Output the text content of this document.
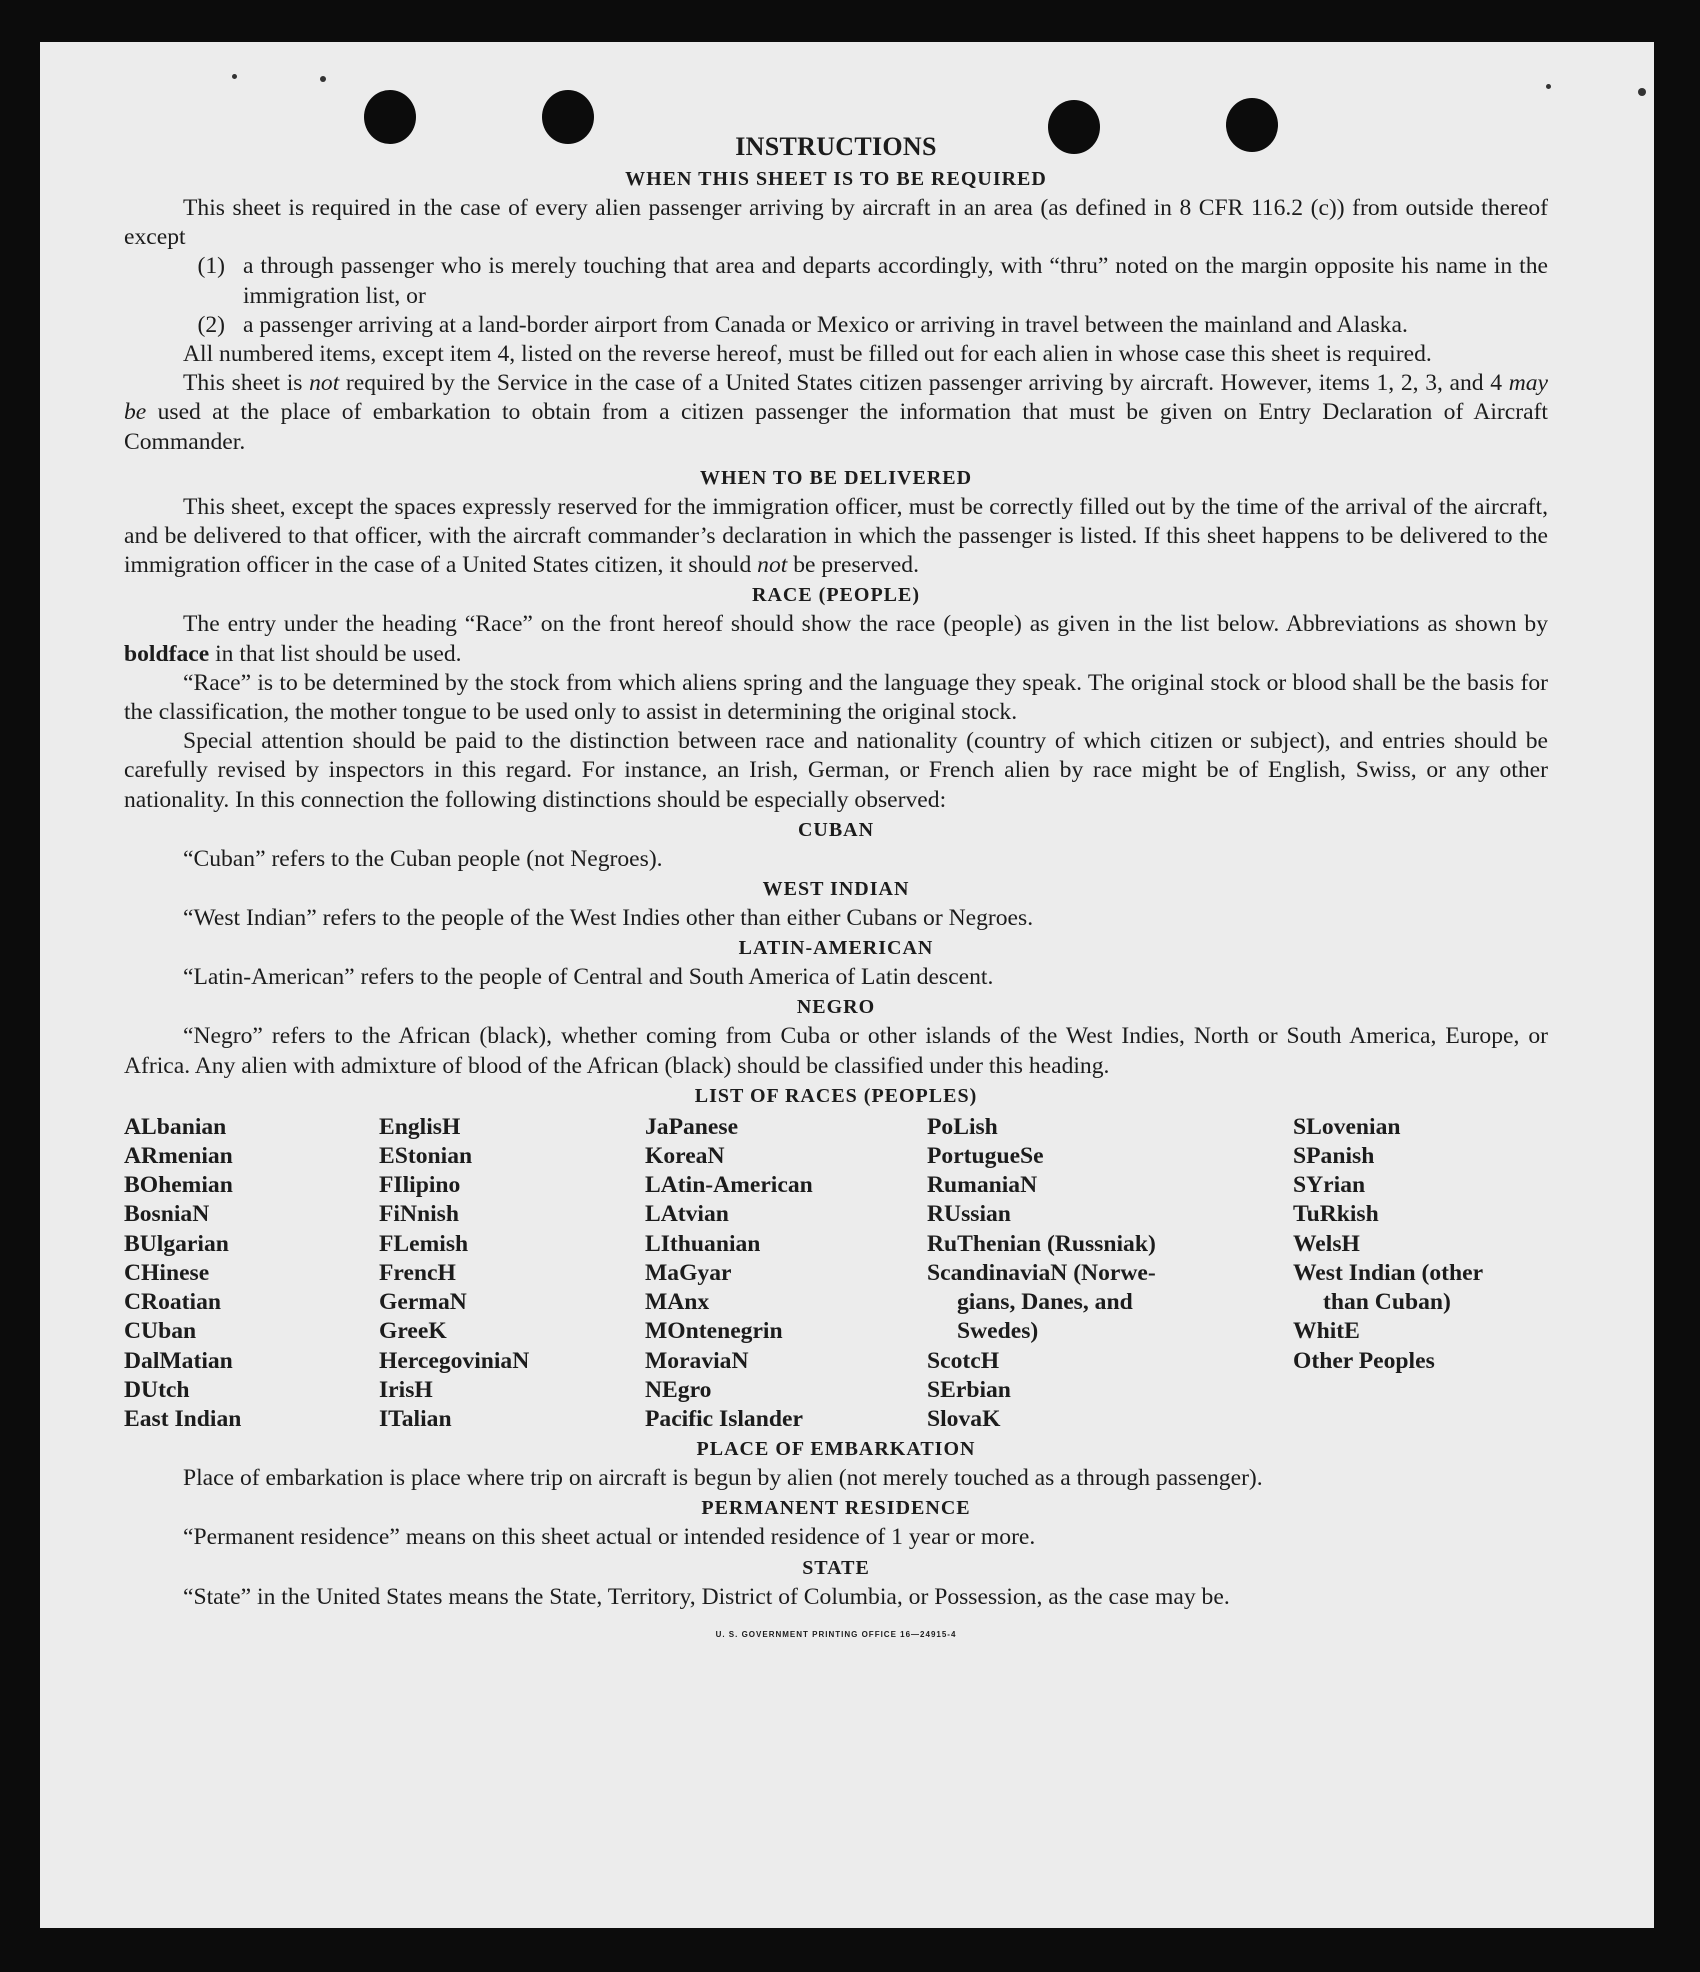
INSTRUCTIONS
WHEN THIS SHEET IS TO BE REQUIRED

This sheet is required in the case of every alien passenger arriving by aircraft in an area (as defined in 8 CFR 116.2 (c)) from outside thereof except

(1) a through passenger who is merely touching that area and departs accordingly, with “thru” noted on the margin opposite his name in the immigration list, or
(2) a passenger arriving at a land-border airport from Canada or Mexico or arriving in travel between the mainland and Alaska.

All numbered items, except item 4, listed on the reverse hereof, must be filled out for each alien in whose case this sheet is required.

This sheet is not required by the Service in the case of a United States citizen passenger arriving by aircraft. However, items 1, 2, 3, and 4 may be used at the place of embarkation to obtain from a citizen passenger the information that must be given on Entry Declaration of Aircraft Commander.

WHEN TO BE DELIVERED

This sheet, except the spaces expressly reserved for the immigration officer, must be correctly filled out by the time of the arrival of the aircraft, and be delivered to that officer, with the aircraft commander’s declaration in which the passenger is listed. If this sheet happens to be delivered to the immigration officer in the case of a United States citizen, it should not be preserved.

RACE (PEOPLE)

The entry under the heading “Race” on the front hereof should show the race (people) as given in the list below. Abbreviations as shown by boldface in that list should be used.

“Race” is to be determined by the stock from which aliens spring and the language they speak. The original stock or blood shall be the basis for the classification, the mother tongue to be used only to assist in determining the original stock.

Special attention should be paid to the distinction between race and nationality (country of which citizen or subject), and entries should be carefully revised by inspectors in this regard. For instance, an Irish, German, or French alien by race might be of English, Swiss, or any other nationality. In this connection the following distinctions should be especially observed:

CUBAN
“Cuban” refers to the Cuban people (not Negroes).
WEST INDIAN
“West Indian” refers to the people of the West Indies other than either Cubans or Negroes.
LATIN-AMERICAN
“Latin-American” refers to the people of Central and South America of Latin descent.
NEGRO

“Negro” refers to the African (black), whether coming from Cuba or other islands of the West Indies, North or South America, Europe, or Africa. Any alien with admixture of blood of the African (black) should be classified under this heading.

LIST OF RACES (PEOPLES)
ALbanian
ARmenian
BOhemian
BosniaN
BUlgarian
CHinese
CRoatian
CUban
DalMatian
DUtch
East Indian
EnglisH
EStonian
FIlipino
FiNnish
FLemish
FrencH
GermaN
GreeK
HercegoviniaN
IrisH
ITalian
JaPanese
KoreaN
LAtin-American
LAtvian
LIthuanian
MaGyar
MAnx
MOntenegrin
MoraviaN
NEgro
Pacific Islander
PoLish
PortugueSe
RumaniaN
RUssian
RuThenian (Russniak)
ScandinaviaN (Norwe-
gians, Danes, and
Swedes)
ScotcH
SErbian
SlovaK
SLovenian
SPanish
SYrian
TuRkish
WelsH
West Indian (other
than Cuban)
WhitE
Other Peoples
PLACE OF EMBARKATION

Place of embarkation is place where trip on aircraft is begun by alien (not merely touched as a through passenger).

PERMANENT RESIDENCE

“Permanent residence” means on this sheet actual or intended residence of 1 year or more.

STATE

“State” in the United States means the State, Territory, District of Columbia, or Possession, as the case may be.

U. S. GOVERNMENT PRINTING OFFICE 16—24915-4
